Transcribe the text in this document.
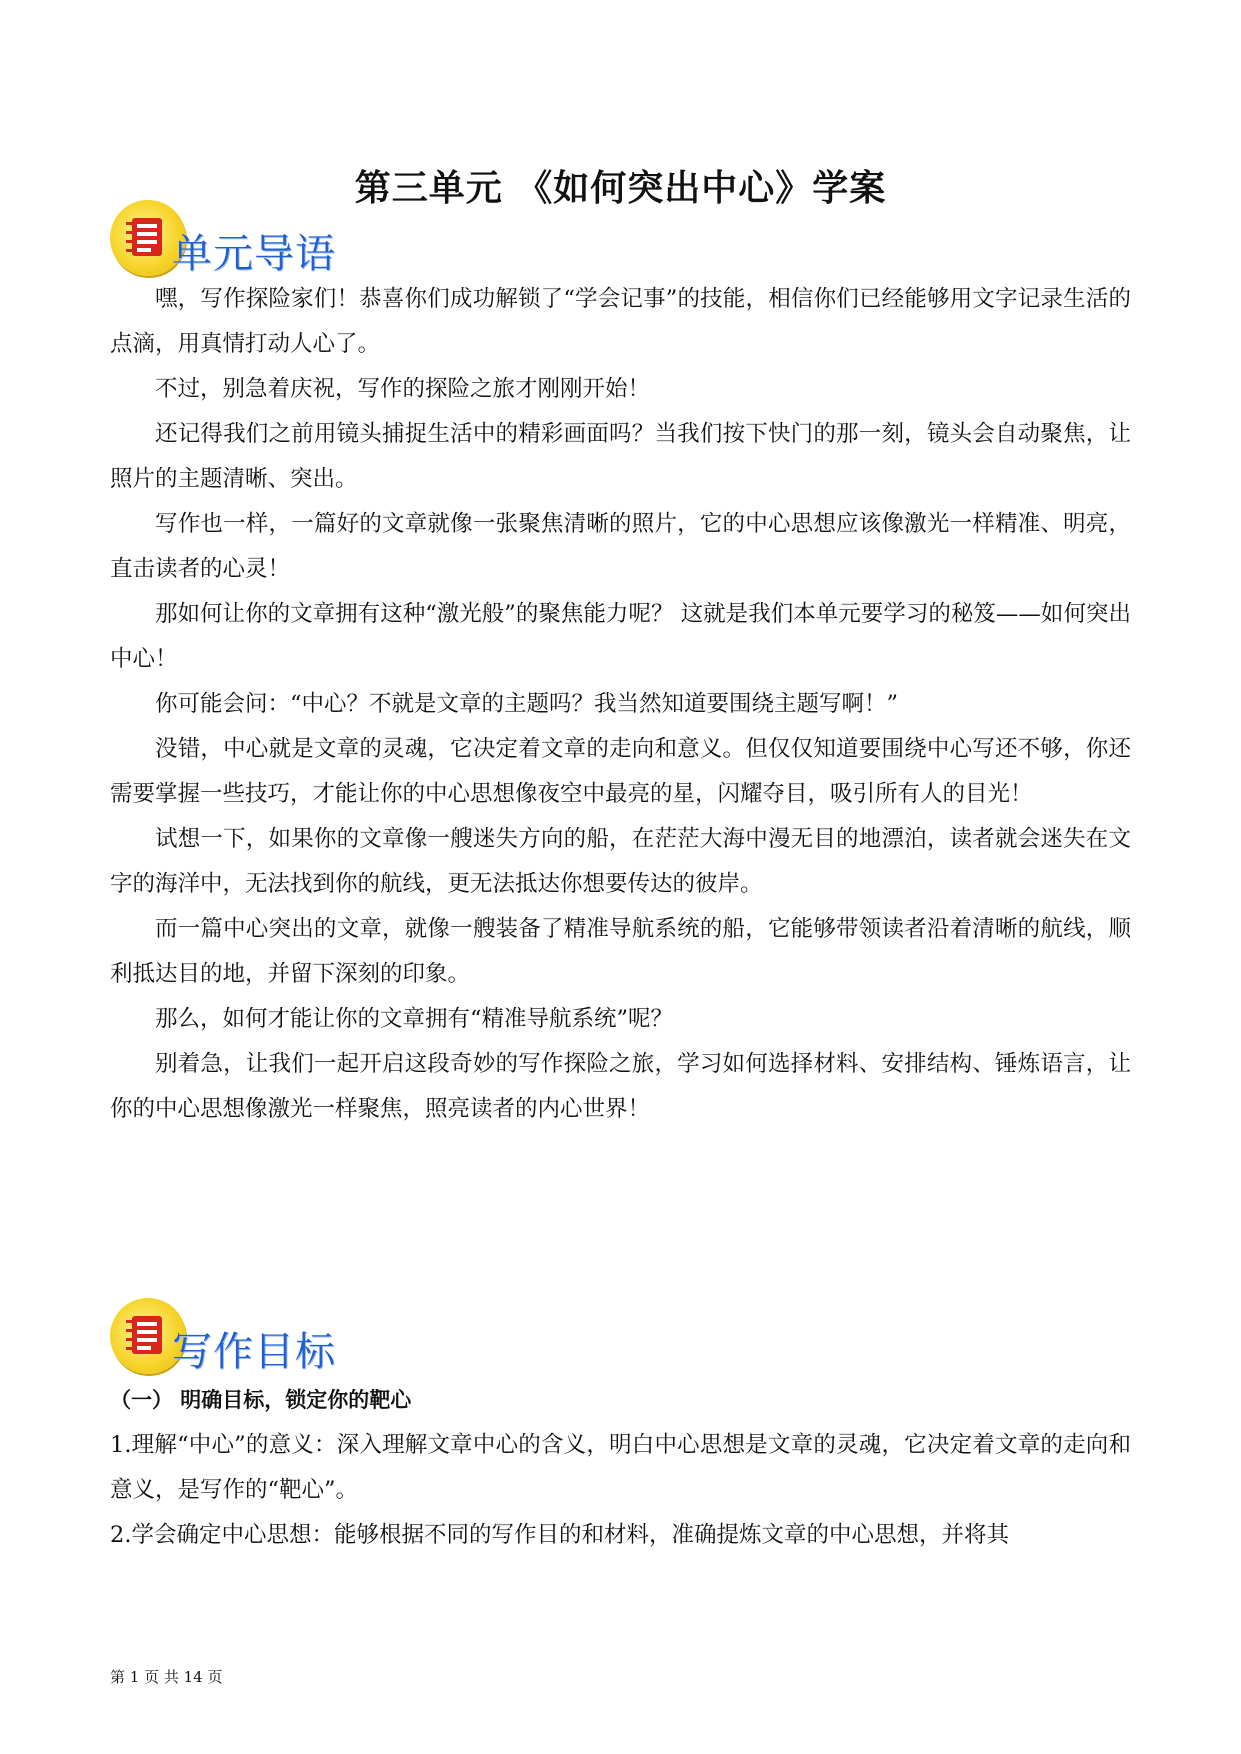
第三单元 《如何突出中心》学案
单元导语

嘿，写作探险家们！恭喜你们成功解锁了“学会记事”的技能，相信你们已经能够用文字记录生活的点滴，用真情打动人心了。

不过，别急着庆祝，写作的探险之旅才刚刚开始！

还记得我们之前用镜头捕捉生活中的精彩画面吗？当我们按下快门的那一刻，镜头会自动聚焦，让照片的主题清晰、突出。

写作也一样，一篇好的文章就像一张聚焦清晰的照片，它的中心思想应该像激光一样精准、明亮，直击读者的心灵！

那如何让你的文章拥有这种“激光般”的聚焦能力呢？ 这就是我们本单元要学习的秘笈——如何突出中心！

你可能会问：“中心？不就是文章的主题吗？我当然知道要围绕主题写啊！”

没错，中心就是文章的灵魂，它决定着文章的走向和意义。但仅仅知道要围绕中心写还不够，你还需要掌握一些技巧，才能让你的中心思想像夜空中最亮的星，闪耀夺目，吸引所有人的目光！

试想一下，如果你的文章像一艘迷失方向的船，在茫茫大海中漫无目的地漂泊，读者就会迷失在文字的海洋中，无法找到你的航线，更无法抵达你想要传达的彼岸。

而一篇中心突出的文章，就像一艘装备了精准导航系统的船，它能够带领读者沿着清晰的航线，顺利抵达目的地，并留下深刻的印象。

那么，如何才能让你的文章拥有“精准导航系统”呢？

别着急，让我们一起开启这段奇妙的写作探险之旅，学习如何选择材料、安排结构、锤炼语言，让你的中心思想像激光一样聚焦，照亮读者的内心世界！

写作目标

（一） 明确目标，锁定你的靶心

1.理解“中心”的意义：深入理解文章中心的含义，明白中心思想是文章的灵魂，它决定着文章的走向和意义，是写作的“靶心”。

2.学会确定中心思想：能够根据不同的写作目的和材料，准确提炼文章的中心思想，并将其

第 1 页 共 14 页
